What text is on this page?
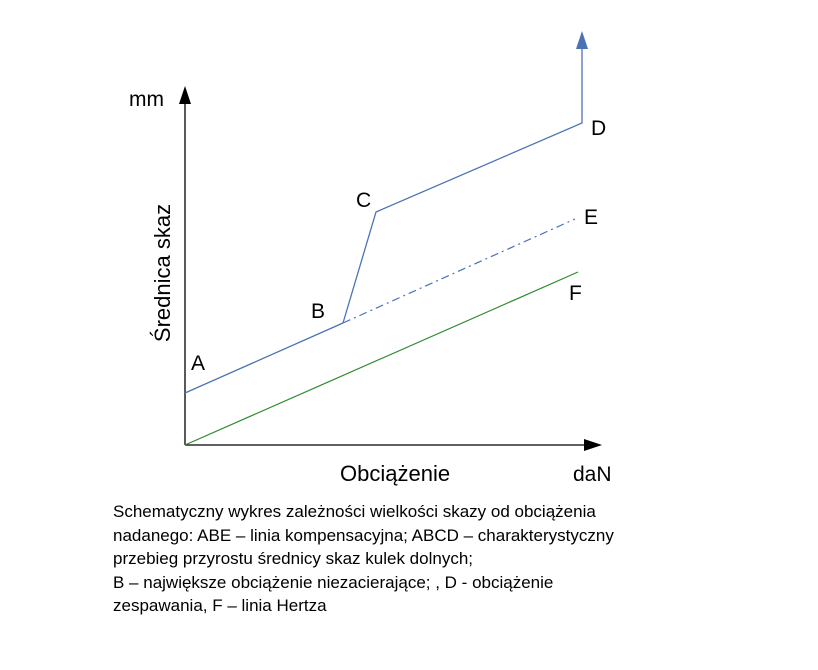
mm
Średnica skaz
Obciążenie	daN
A
B
C
D
E
F
Schematyczny wykres zależności wielkości skazy od obciążenia
nadanego: ABE – linia kompensacyjna; ABCD – charakterystyczny
przebieg przyrostu średnicy skaz kulek dolnych;
B – największe obciążenie niezacierające; , D - obciążenie
zespawania, F – linia Hertza
